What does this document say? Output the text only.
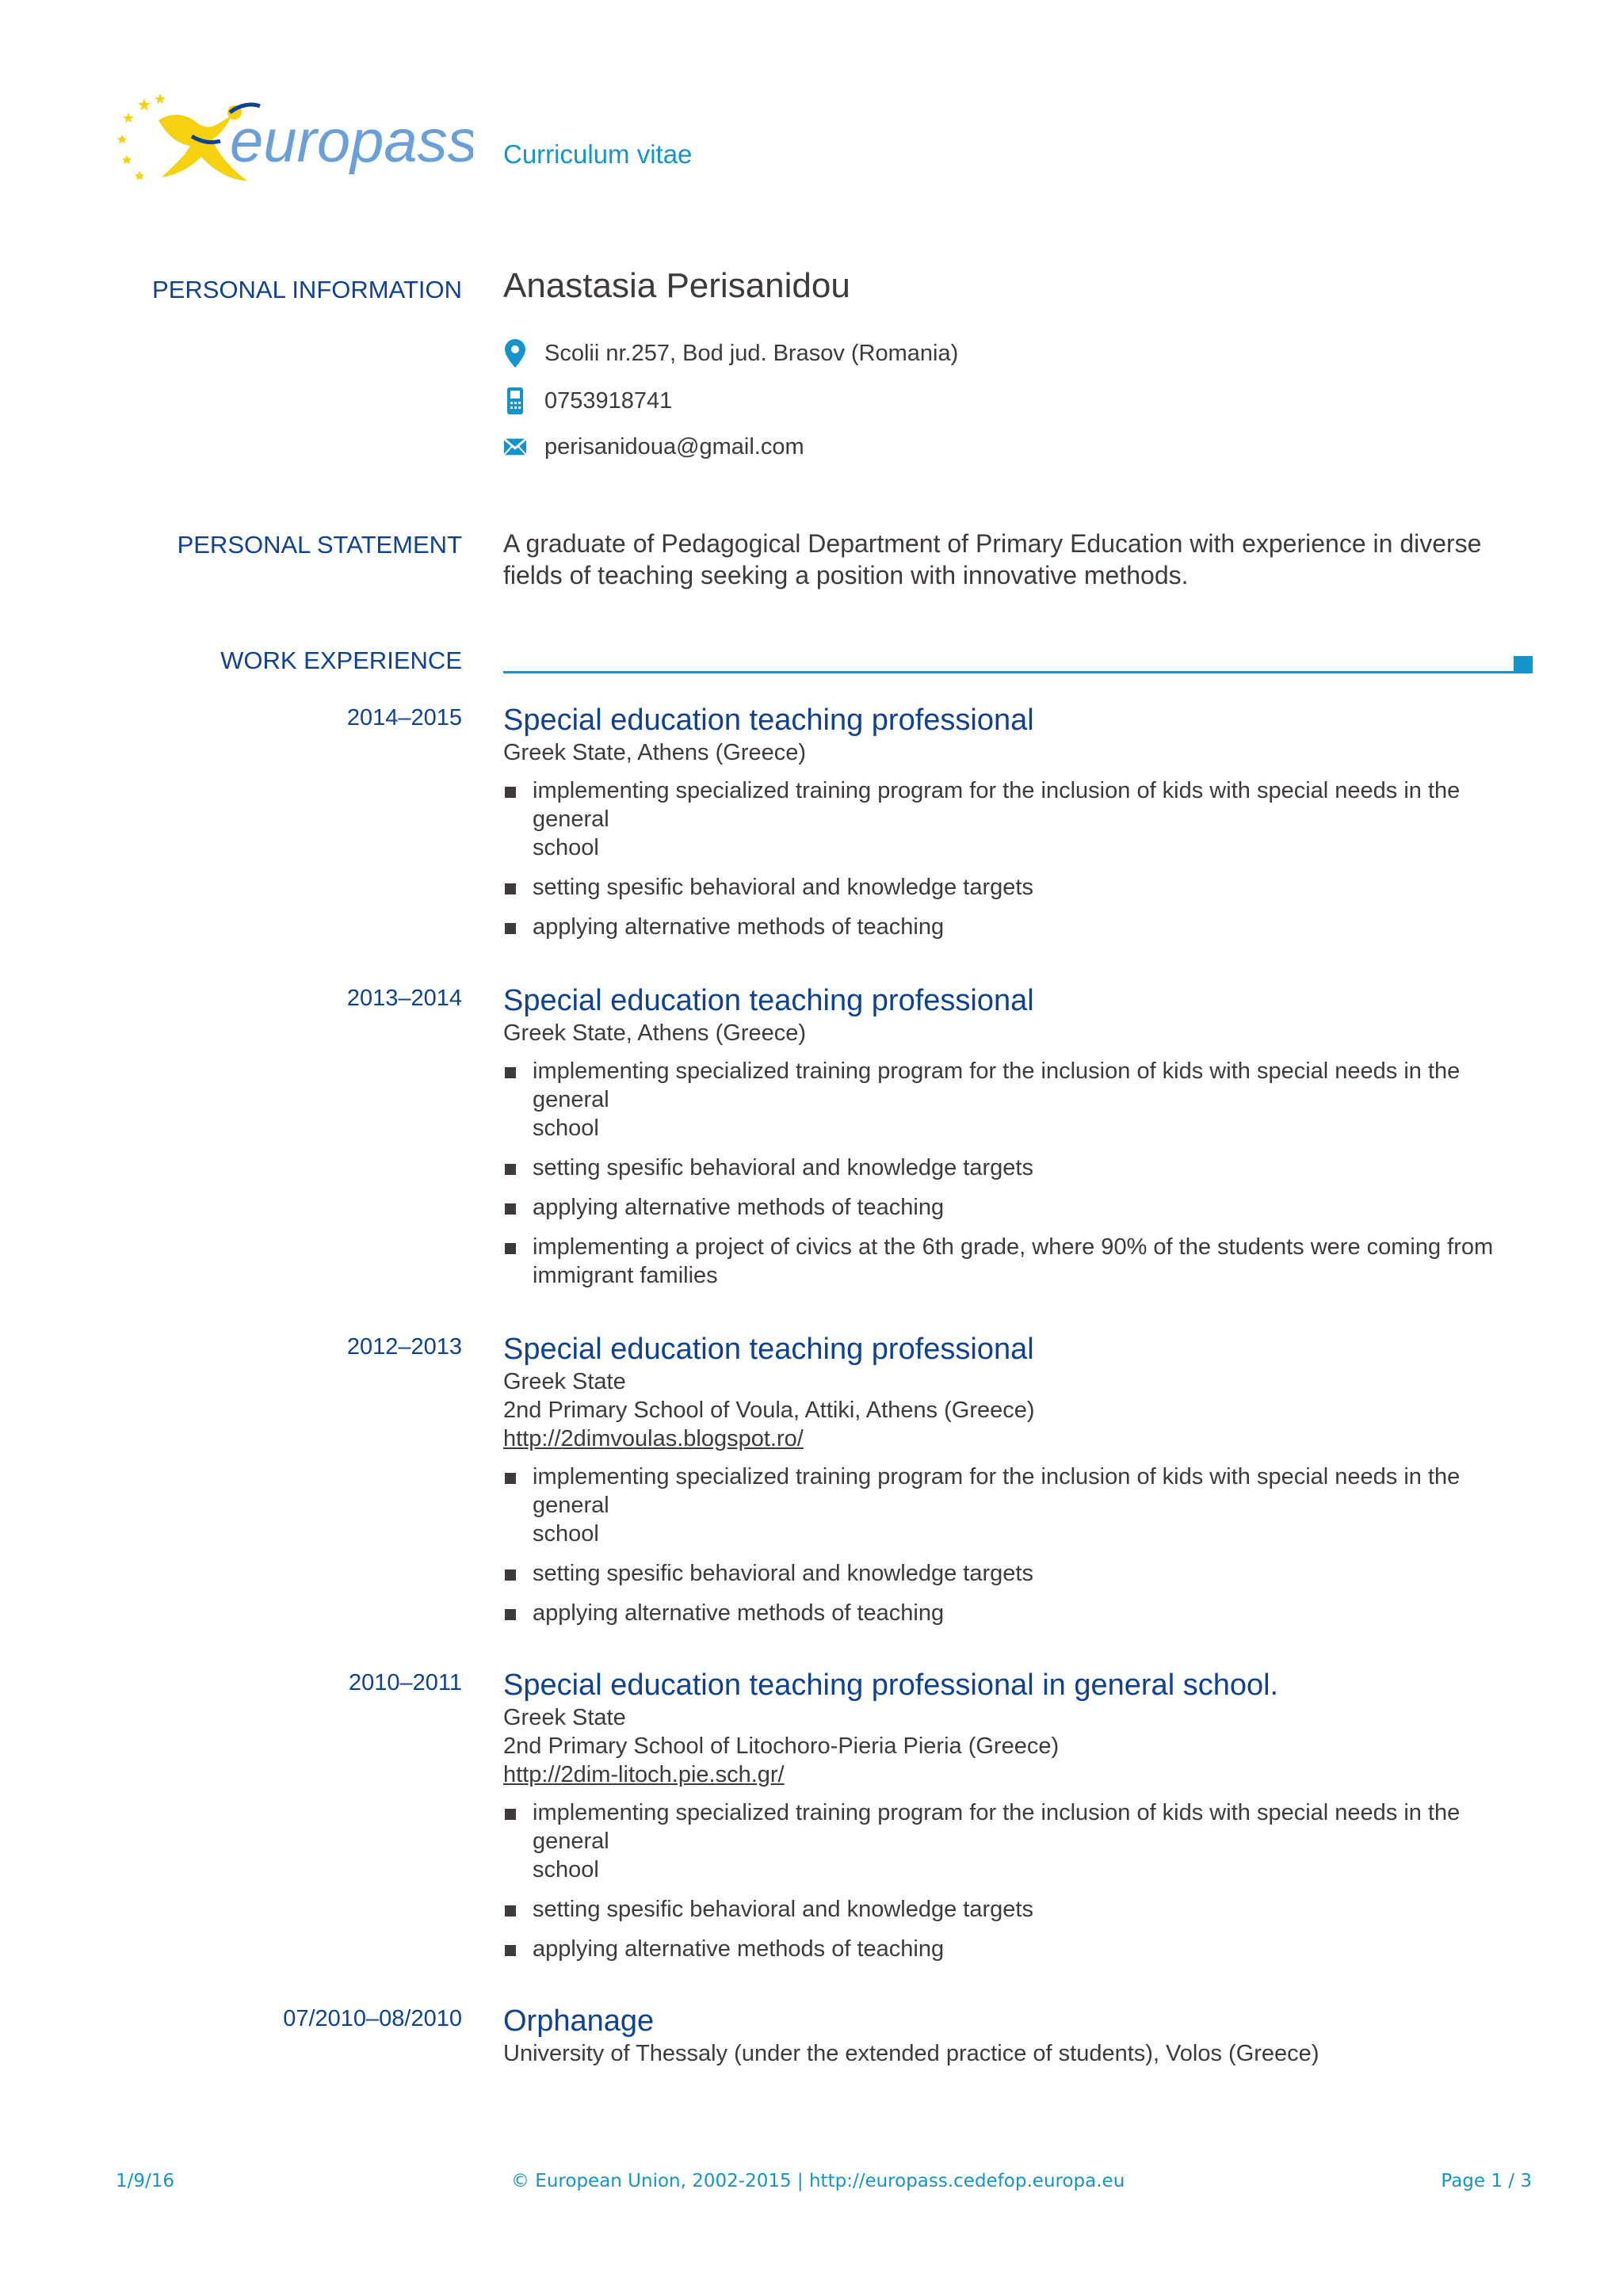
europass Curriculum vitae
PERSONAL INFORMATION Anastasia Perisanidou
Scolii nr.257, Bod jud. Brasov (Romania)
0753918741
perisanidoua@gmail.com
PERSONAL STATEMENT A graduate of Pedagogical Department of Primary Education with experience in diverse
fields of teaching seeking a position with innovative methods.
WORK EXPERIENCE
2014–2015 Special education teaching professional
Greek State, Athens (Greece)
implementing specialized training program for the inclusion of kids with special needs in the general
school
setting spesific behavioral and knowledge targets
applying alternative methods of teaching
2013–2014 Special education teaching professional
Greek State, Athens (Greece)
implementing specialized training program for the inclusion of kids with special needs in the general
school
setting spesific behavioral and knowledge targets
applying alternative methods of teaching
implementing a project of civics at the 6th grade, where 90% of the students were coming from
immigrant families
2012–2013 Special education teaching professional
Greek State
2nd Primary School of Voula, Attiki, Athens (Greece)
http://2dimvoulas.blogspot.ro/
implementing specialized training program for the inclusion of kids with special needs in the general
school
setting spesific behavioral and knowledge targets
applying alternative methods of teaching
2010–2011 Special education teaching professional in general school.
Greek State
2nd Primary School of Litochoro-Pieria Pieria (Greece)
http://2dim-litoch.pie.sch.gr/
implementing specialized training program for the inclusion of kids with special needs in the general
school
setting spesific behavioral and knowledge targets
applying alternative methods of teaching
07/2010–08/2010 Orphanage
University of Thessaly (under the extended practice of students), Volos (Greece)
1/9/16	© European Union, 2002-2015 | http://europass.cedefop.europa.eu	Page 1 / 3
